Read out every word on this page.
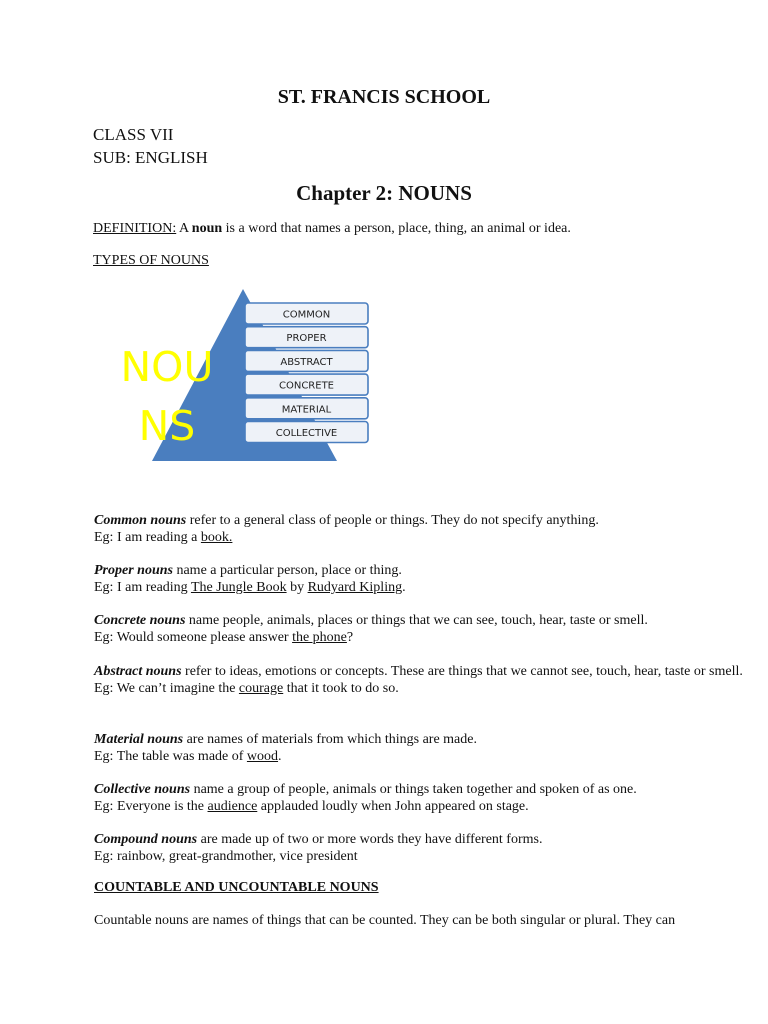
ST. FRANCIS SCHOOL
CLASS VII
SUB: ENGLISH
Chapter 2: NOUNS
DEFINITION: A noun is a word that names a person, place, thing, an animal or idea.
TYPES OF NOUNS
NOU
NS
COMMON
PROPER
ABSTRACT
CONCRETE
MATERIAL
COLLECTIVE
Common nouns refer to a general class of people or things. They do not specify anything.
Eg: I am reading a book.
Proper nouns name a particular person, place or thing.
Eg: I am reading The Jungle Book by Rudyard Kipling.
Concrete nouns name people, animals, places or things that we can see, touch, hear, taste or smell.
Eg: Would someone please answer the phone?
Abstract nouns refer to ideas, emotions or concepts. These are things that we cannot see, touch, hear, taste or smell.
Eg: We can’t imagine the courage that it took to do so.
Material nouns are names of materials from which things are made.
Eg: The table was made of wood.
Collective nouns name a group of people, animals or things taken together and spoken of as one.
Eg: Everyone is the audience applauded loudly when John appeared on stage.
Compound nouns are made up of two or more words they have different forms.
Eg: rainbow, great-grandmother, vice president
COUNTABLE AND UNCOUNTABLE NOUNS
Countable nouns are names of things that can be counted. They can be both singular or plural. They can
